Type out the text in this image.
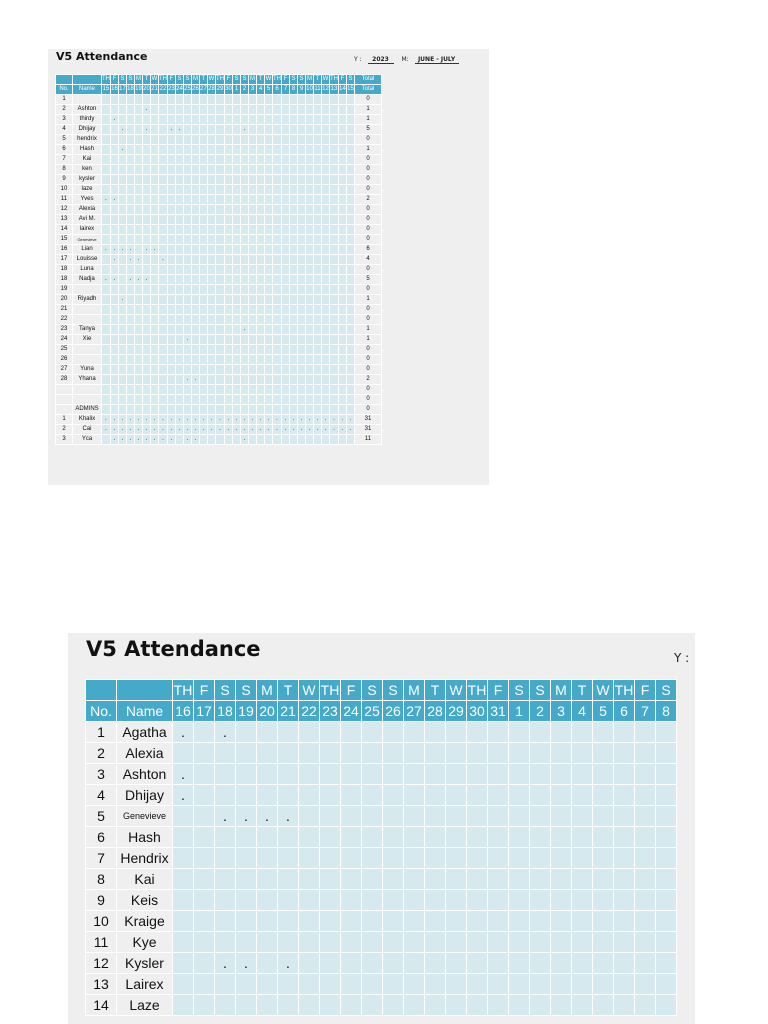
V5 Attendance	Y : 2023 M: JUNE - JULY
		TH	F	S	S	M	T	W	TH	F	S	S	M	T	W	TH	F	S	S	M	T	W	TH	F	S	S	M	T	W	TH	F	S	Total
No.	Name	15	16	17	18	19	20	21	22	23	24	25	26	27	28	29	30	1	2	3	4	5	6	7	8	9	10	11	12	13	14	15	Total
1																																	0
2	Ashton						.																										1
3	thirdy		.																														1
4	Dhijay			.			.			.	.								.														5
5	hendrix																																0
6	Hash			.																													1
7	Kai																																0
8	ken																																0
9	kysler																																0
10	laze																																0
11	Yves	.	.																														2
12	Alexia																																0
13	Avi M.																																0
14	lairex																																0
15	Genevieve																																0
16	Lian	.	.	.	.		.	.																									6
17	Louisse		.		.	.			.																								4
18	Luna																																0
18	Nadja	.	.		.	.	.																										5
19																																	0
20	Riyadh			.																													1
21																																	0
22																																	0
23	Tanya																		.														1
24	Xie											.																					1
25																																	0
26																																	0
27	Yuna																																0
28	Yhana											.	.																				2
																																	0
																																	0
	ADMINS																																0
1	Khalix	.	.	.	.	.	.	.	.	.	.	.	.	.	.	.	.	.	.	.	.	.	.	.	.	.	.	.	.	.	.	.	31
2	Cai	.	.	.	.	.	.	.	.	.	.	.	.	.	.	.	.	.	.	.	.	.	.	.	.	.	.	.	.	.	.	.	31
3	Yca		.	.	.	.	.	.	.	.		.	.						.														11
V5 Attendance	Y :
		TH	F	S	S	M	T	W	TH	F	S	S	M	T	W	TH	F	S	S	M	T	W	TH	F	S
No.	Name	16	17	18	19	20	21	22	23	24	25	26	27	28	29	30	31	1	2	3	4	5	6	7	8
1	Agatha	.		.																					
2	Alexia																								
3	Ashton	.																							
4	Dhijay	.																							
5	Genevieve			.	.	.	.																		
6	Hash																								
7	Hendrix																								
8	Kai																								
9	Keis																								
10	Kraige																								
11	Kye																								
12	Kysler			.	.		.																		
13	Lairex																								
14	Laze																								
